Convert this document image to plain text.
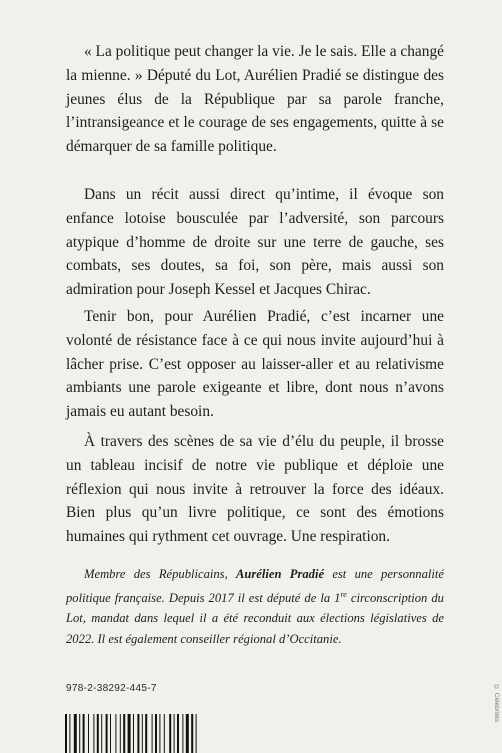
« La politique peut changer la vie. Je le sais. Elle a changé la mienne. » Député du Lot, Aurélien Pradié se distingue des jeunes élus de la République par sa parole franche, l’intransigeance et le courage de ses engagements, quitte à se démarquer de sa famille politique.

Dans un récit aussi direct qu’intime, il évoque son enfance lotoise bousculée par l’adversité, son parcours atypique d’homme de droite sur une terre de gauche, ses combats, ses doutes, sa foi, son père, mais aussi son admiration pour Joseph Kessel et Jacques Chirac.

Tenir bon, pour Aurélien Pradié, c’est incarner une volonté de résistance face à ce qui nous invite aujourd’hui à lâcher prise. C’est opposer au laisser-aller et au relativisme ambiants une parole exigeante et libre, dont nous n’avons jamais eu autant besoin.

À travers des scènes de sa vie d’élu du peuple, il brosse un tableau incisif de notre vie publique et déploie une réflexion qui nous invite à retrouver la force des idéaux. Bien plus qu’un livre politique, ce sont des émotions humaines qui rythment cet ouvrage. Une respiration.

Membre des Républicains, Aurélien Pradié est une personnalité politique française. Depuis 2017 il est député de la 1re circonscription du Lot, mandat dans lequel il a été reconduit aux élections législatives de 2022. Il est également conseiller régional d’Occitanie.

978-2-38292-445-7	© Célébrités
